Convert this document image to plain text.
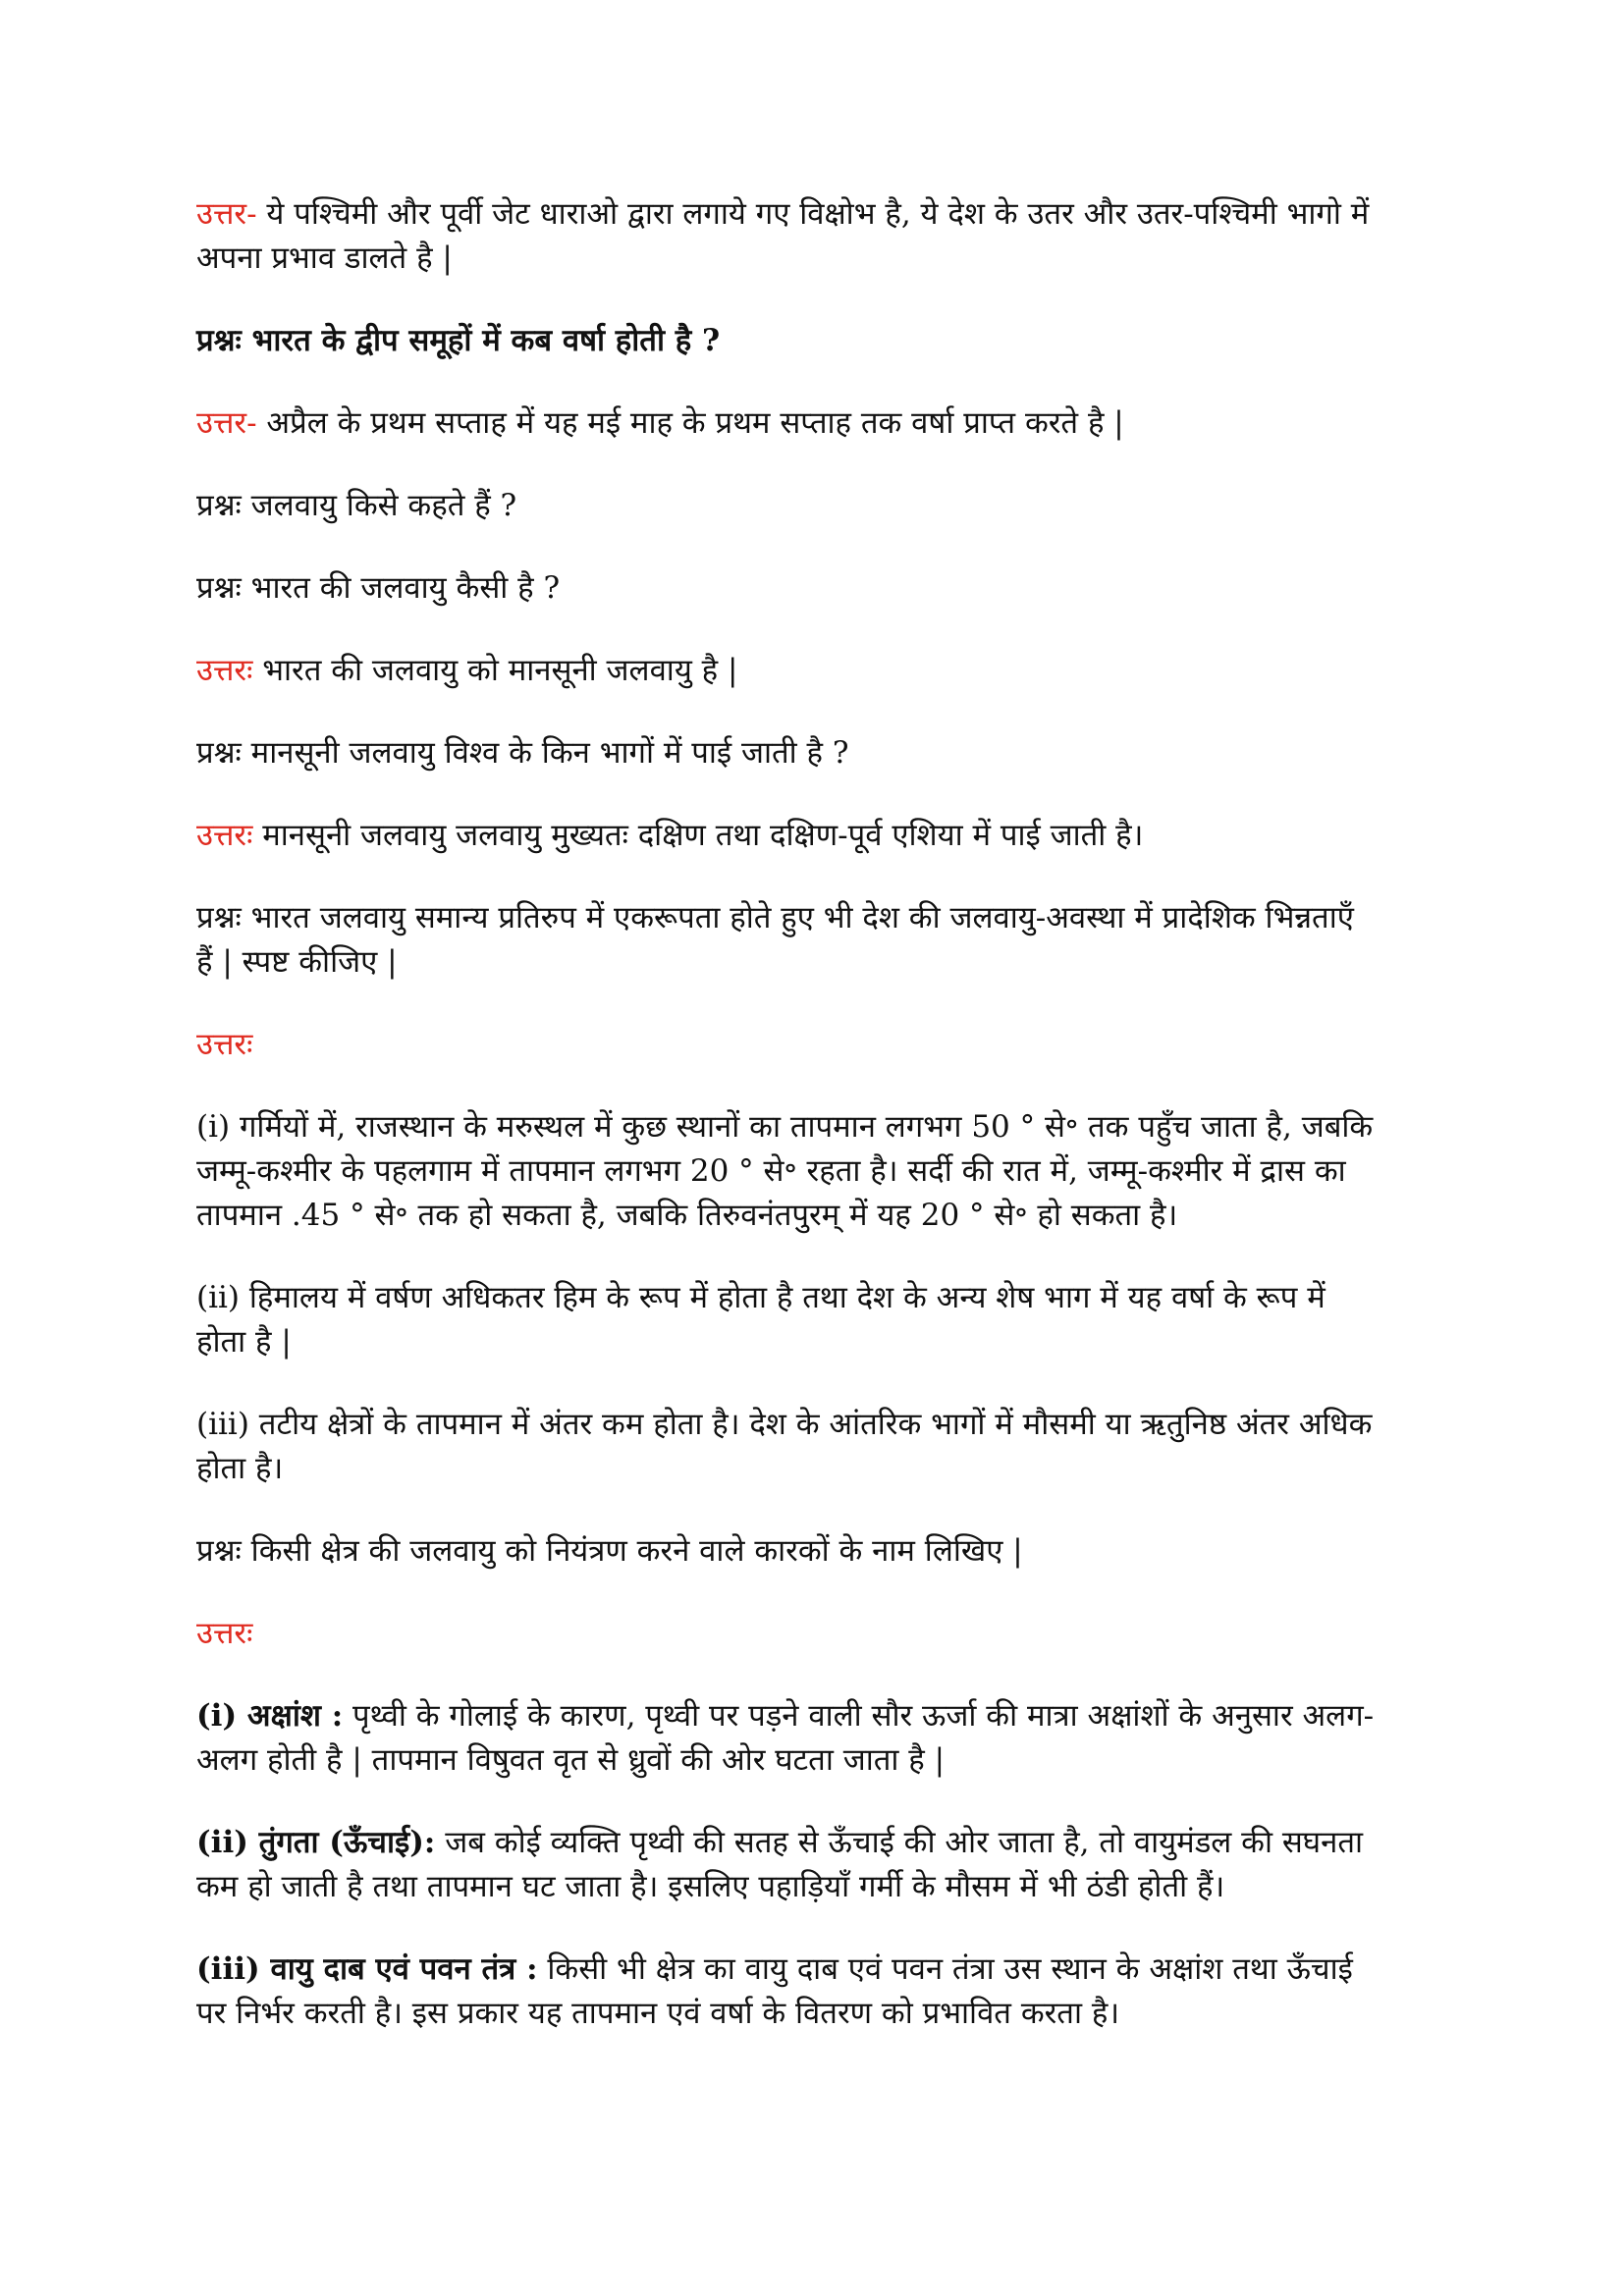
उत्तर- ये पश्चिमी और पूर्वी जेट धाराओ द्वारा लगाये गए विक्षोभ है, ये देश के उतर और उतर-पश्चिमी भागो में अपना प्रभाव डालते है |

प्रश्नः भारत के द्वीप समूहों में कब वर्षा होती है ?

उत्तर- अप्रैल के प्रथम सप्ताह में यह मई माह के प्रथम सप्ताह तक वर्षा प्राप्त करते है |

प्रश्नः जलवायु किसे कहते हैं ?

प्रश्नः भारत की जलवायु कैसी है ?

उत्तरः भारत की जलवायु को मानसूनी जलवायु है |

प्रश्नः मानसूनी जलवायु विश्व के किन भागों में पाई जाती है ?

उत्तरः मानसूनी जलवायु जलवायु मुख्यतः दक्षिण तथा दक्षिण-पूर्व एशिया में पाई जाती है।

प्रश्नः भारत जलवायु समान्य प्रतिरुप में एकरूपता होते हुए भी देश की जलवायु-अवस्था में प्रादेशिक भिन्नताएँ हैं | स्पष्ट कीजिए |

उत्तरः

(i) गर्मियों में, राजस्थान के मरुस्थल में कुछ स्थानों का तापमान लगभग 50 ° से॰ तक पहुँच जाता है, जबकि जम्मू-कश्मीर के पहलगाम में तापमान लगभग 20 ° से॰ रहता है। सर्दी की रात में, जम्मू-कश्मीर में द्रास का तापमान .45 ° से॰ तक हो सकता है, जबकि तिरुवनंतपुरम् में यह 20 ° से॰ हो सकता है।

(ii) हिमालय में वर्षण अधिकतर हिम के रूप में होता है तथा देश के अन्य शेष भाग में यह वर्षा के रूप में होता है |

(iii) तटीय क्षेत्रों के तापमान में अंतर कम होता है। देश के आंतरिक भागों में मौसमी या ऋतुनिष्ठ अंतर अधिक होता है।

प्रश्नः किसी क्षेत्र की जलवायु को नियंत्रण करने वाले कारकों के नाम लिखिए |

उत्तरः

(i) अक्षांश : पृथ्वी के गोलाई के कारण, पृथ्वी पर पड़ने वाली सौर ऊर्जा की मात्रा अक्षांशों के अनुसार अलग-अलग होती है | तापमान विषुवत वृत से ध्रुवों की ओर घटता जाता है |

(ii) तुंगता (ऊँचाई): जब कोई व्यक्ति पृथ्वी की सतह से ऊँचाई की ओर जाता है, तो वायुमंडल की सघनता कम हो जाती है तथा तापमान घट जाता है। इसलिए पहाड़ियाँ गर्मी के मौसम में भी ठंडी होती हैं।

(iii) वायु दाब एवं पवन तंत्र : किसी भी क्षेत्र का वायु दाब एवं पवन तंत्रा उस स्थान के अक्षांश तथा ऊँचाई पर निर्भर करती है। इस प्रकार यह तापमान एवं वर्षा के वितरण को प्रभावित करता है।
